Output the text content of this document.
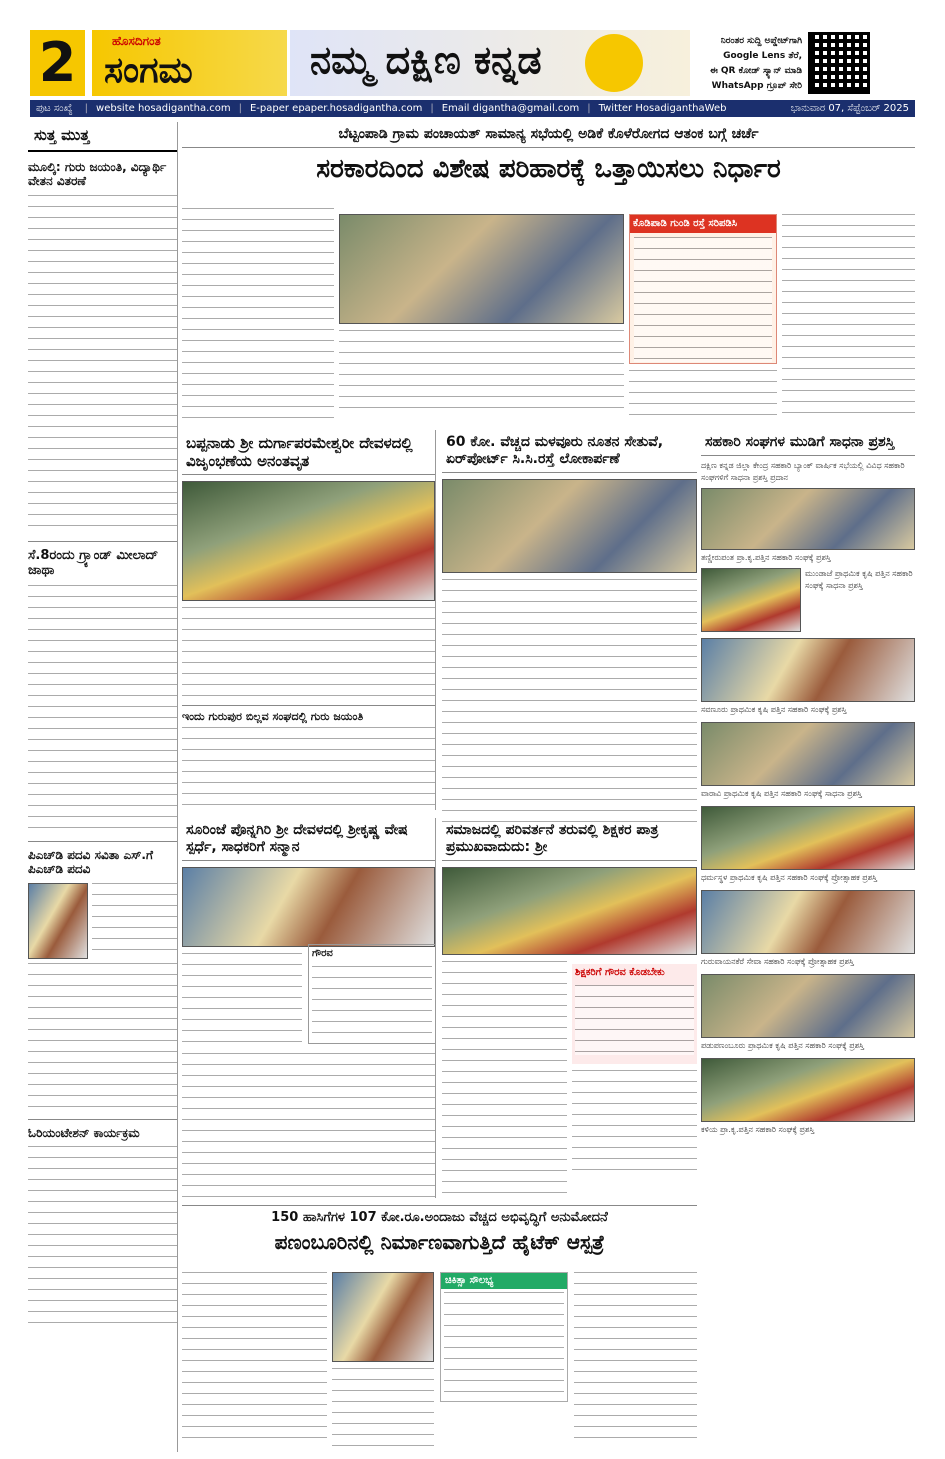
2	ಹೊಸದಿಗಂತ
ಸಂಗಮ	ನಮ್ಮ ದಕ್ಷಿಣ ಕನ್ನಡ	ನಿರಂತರ ಸುದ್ದಿ ಅಪ್ಡೇಟ್‌ಗಾಗಿ
Google Lens ತೆರೆ,
ಈ QR ಕೋಡ್ ಸ್ಕ್ಯಾನ್ ಮಾಡಿ
WhatsApp ಗ್ರೂಪ್ ಸೇರಿ
ಪುಟ ಸಂಖ್ಯೆ | website hosadigantha.com | E-paper epaper.hosadigantha.com | Email digantha@gmail.com | Twitter HosadiganthaWeb	ಭಾನುವಾರ 07, ಸೆಪ್ಟೆಂಬರ್ 2025
ಸುತ್ತ ಮುತ್ತ
ಮೂಲ್ಕಿ: ಗುರು ಜಯಂತಿ, ವಿದ್ಯಾರ್ಥಿ ವೇತನ ವಿತರಣೆ
ಸೆ.8ರಂದು ಗ್ರ್ಯಾಂಡ್ ಮೀಲಾದ್ ಜಾಥಾ
ಪಿಎಚ್‌ಡಿ ಪದವಿ ಸವಿತಾ ಎಸ್.ಗೆ ಪಿಎಚ್‌ಡಿ ಪದವಿ
ಓರಿಯಂಟೇಶನ್ ಕಾರ್ಯಕ್ರಮ
ಬೆಟ್ಟಂಪಾಡಿ ಗ್ರಾಮ ಪಂಚಾಯತ್ ಸಾಮಾನ್ಯ ಸಭೆಯಲ್ಲಿ ಅಡಿಕೆ ಕೊಳೆರೋಗದ ಆತಂಕ ಬಗ್ಗೆ ಚರ್ಚೆ
ಸರಕಾರದಿಂದ ವಿಶೇಷ ಪರಿಹಾರಕ್ಕೆ ಒತ್ತಾಯಿಸಲು ನಿರ್ಧಾರ
ಕೊಡಿಪಾಡಿ ಗುಂಡಿ ರಸ್ತೆ ಸರಿಪಡಿಸಿ
ಬಪ್ಪನಾಡು ಶ್ರೀ ದುರ್ಗಾಪರಮೇಶ್ವರೀ ದೇವಳದಲ್ಲಿ ವಿಜೃಂಭಣೆಯ ಅನಂತವೃತ
ಇಂದು ಗುರುಪುರ ಬಿಲ್ಲವ ಸಂಘದಲ್ಲಿ ಗುರು ಜಯಂತಿ
60 ಕೋ. ವೆಚ್ಚದ ಮಳವೂರು ನೂತನ ಸೇತುವೆ, ಏರ್‌ಪೋರ್ಟ್ ಸಿ.ಸಿ.ರಸ್ತೆ ಲೋಕಾರ್ಪಣೆ
ಸೂರಿಂಜೆ ಪೊನ್ನಗಿರಿ ಶ್ರೀ ದೇವಳದಲ್ಲಿ ಶ್ರೀಕೃಷ್ಣ ವೇಷ ಸ್ಪರ್ಧೆ, ಸಾಧಕರಿಗೆ ಸನ್ಮಾನ
ಗೌರವ
ಸಮಾಜದಲ್ಲಿ ಪರಿವರ್ತನೆ ತರುವಲ್ಲಿ ಶಿಕ್ಷಕರ ಪಾತ್ರ ಪ್ರಮುಖವಾದುದು: ಶ್ರೀ
ಶಿಕ್ಷಕರಿಗೆ ಗೌರವ ಕೊಡಬೇಕು
150 ಹಾಸಿಗೆಗಳ 107 ಕೋ.ರೂ.ಅಂದಾಜು ವೆಚ್ಚದ ಅಭಿವೃದ್ಧಿಗೆ ಅನುಮೋದನೆ
ಪಣಂಬೂರಿನಲ್ಲಿ ನಿರ್ಮಾಣವಾಗುತ್ತಿದೆ ಹೈಟೆಕ್ ಆಸ್ಪತ್ರೆ
ಚಿಕಿತ್ಸಾ ಸೌಲಭ್ಯ
ಸಹಕಾರಿ ಸಂಘಗಳ ಮುಡಿಗೆ ಸಾಧನಾ ಪ್ರಶಸ್ತಿ
ದಕ್ಷಿಣ ಕನ್ನಡ ಜಿಲ್ಲಾ ಕೇಂದ್ರ ಸಹಕಾರಿ ಬ್ಯಾಂಕ್ ವಾರ್ಷಿಕ ಸಭೆಯಲ್ಲಿ ವಿವಿಧ ಸಹಕಾರಿ ಸಂಘಗಳಿಗೆ ಸಾಧನಾ ಪ್ರಶಸ್ತಿ ಪ್ರದಾನ
ತಣ್ಣೀರುಪಂತ ಪ್ರಾ.ಕೃ.ಪತ್ತಿನ ಸಹಕಾರಿ ಸಂಘಕ್ಕೆ ಪ್ರಶಸ್ತಿ
ಮುಂಡಾಜೆ ಪ್ರಾಥಮಿಕ ಕೃಷಿ ಪತ್ತಿನ ಸಹಕಾರಿ ಸಂಘಕ್ಕೆ ಸಾಧನಾ ಪ್ರಶಸ್ತಿ
ಸವಣೂರು ಪ್ರಾಥಮಿಕ ಕೃಷಿ ಪತ್ತಿನ ಸಹಕಾರಿ ಸಂಘಕ್ಕೆ ಪ್ರಶಸ್ತಿ
ವಾರಾವಿ ಪ್ರಾಥಮಿಕ ಕೃಷಿ ಪತ್ತಿನ ಸಹಕಾರಿ ಸಂಘಕ್ಕೆ ಸಾಧನಾ ಪ್ರಶಸ್ತಿ
ಧರ್ಮಸ್ಥಳ ಪ್ರಾಥಮಿಕ ಕೃಷಿ ಪತ್ತಿನ ಸಹಕಾರಿ ಸಂಘಕ್ಕೆ ಪ್ರೋತ್ಸಾಹಕ ಪ್ರಶಸ್ತಿ
ಗುರುವಾಯನಕೆರೆ ಸೇವಾ ಸಹಕಾರಿ ಸಂಘಕ್ಕೆ ಪ್ರೋತ್ಸಾಹಕ ಪ್ರಶಸ್ತಿ
ಪಡುಪಣಂಬೂರು ಪ್ರಾಥಮಿಕ ಕೃಷಿ ಪತ್ತಿನ ಸಹಕಾರಿ ಸಂಘಕ್ಕೆ ಪ್ರಶಸ್ತಿ
ಕಳಿಯ ಪ್ರಾ.ಕೃ.ಪತ್ತಿನ ಸಹಕಾರಿ ಸಂಘಕ್ಕೆ ಪ್ರಶಸ್ತಿ
